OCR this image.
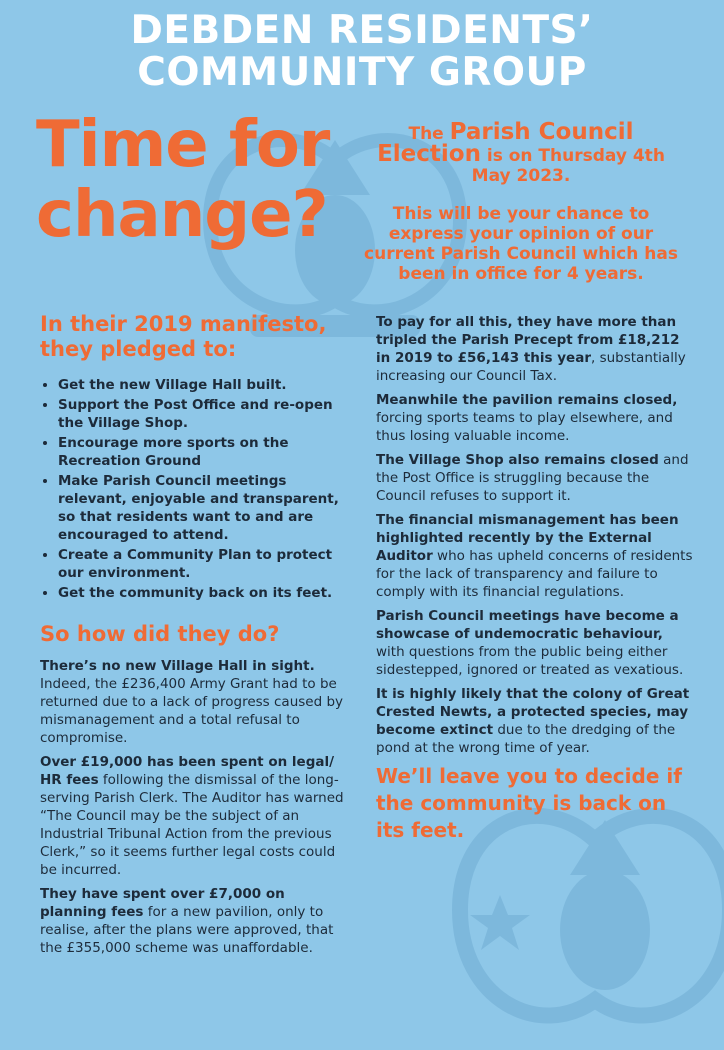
DEBDEN RESIDENTS’
COMMUNITY GROUP
Time for
change?
The Parish Council
Election is on Thursday 4th
May 2023.
This will be your chance to express your opinion of our current Parish Council which has been in office for 4 years.
In their 2019 manifesto, they pledged to:
• Get the new Village Hall built.
• Support the Post Office and re-open the Village Shop.
• Encourage more sports on the Recreation Ground
• Make Parish Council meetings relevant, enjoyable and transparent, so that residents want to and are encouraged to attend.
• Create a Community Plan to protect our environment.
• Get the community back on its feet.
So how did they do?

There’s no new Village Hall in sight. Indeed, the £236,400 Army Grant had to be returned due to a lack of progress caused by mismanagement and a total refusal to compromise.

Over £19,000 has been spent on legal/ HR fees following the dismissal of the long-serving Parish Clerk. The Auditor has warned “The Council may be the subject of an Industrial Tribunal Action from the previous Clerk,” so it seems further legal costs could be incurred.

They have spent over £7,000 on planning fees for a new pavilion, only to realise, after the plans were approved, that the £355,000 scheme was unaffordable.

To pay for all this, they have more than tripled the Parish Precept from £18,212 in 2019 to £56,143 this year, substantially increasing our Council Tax.

Meanwhile the pavilion remains closed, forcing sports teams to play elsewhere, and thus losing valuable income.

The Village Shop also remains closed and the Post Office is struggling because the Council refuses to support it.

The financial mismanagement has been highlighted recently by the External Auditor who has upheld concerns of residents for the lack of transparency and failure to comply with its financial regulations.

Parish Council meetings have become a showcase of undemocratic behaviour, with questions from the public being either sidestepped, ignored or treated as vexatious.

It is highly likely that the colony of Great Crested Newts, a protected species, may become extinct due to the dredging of the pond at the wrong time of year.

We’ll leave you to decide if the community is back on its feet.
